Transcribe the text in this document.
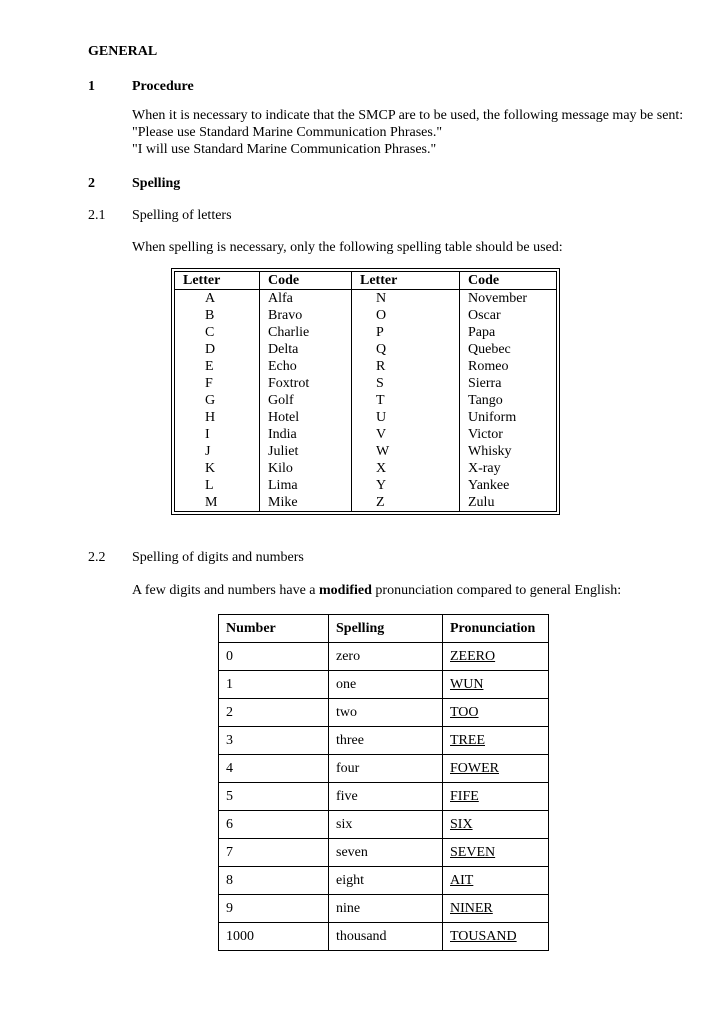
GENERAL
1	Procedure
When it is necessary to indicate that the SMCP are to be used, the following message may be sent:
"Please use Standard Marine Communication Phrases."
"I will use Standard Marine Communication Phrases."
2	Spelling
2.1 Spelling of letters
When spelling is necessary, only the following spelling table should be used:
Letter	Code	Letter	Code
A	Alfa	N	November
B	Bravo	O	Oscar
C	Charlie	P	Papa
D	Delta	Q	Quebec
E	Echo	R	Romeo
F	Foxtrot	S	Sierra
G	Golf	T	Tango
H	Hotel	U	Uniform
I	India	V	Victor
J	Juliet	W	Whisky
K	Kilo	X	X-ray
L	Lima	Y	Yankee
M	Mike	Z	Zulu
2.2 Spelling of digits and numbers
A few digits and numbers have a modified pronunciation compared to general English:
Number	Spelling	Pronunciation
0	zero	ZEERO
1	one	WUN
2	two	TOO
3	three	TREE
4	four	FOWER
5	five	FIFE
6	six	SIX
7	seven	SEVEN
8	eight	AIT
9	nine	NINER
1000	thousand	TOUSAND
